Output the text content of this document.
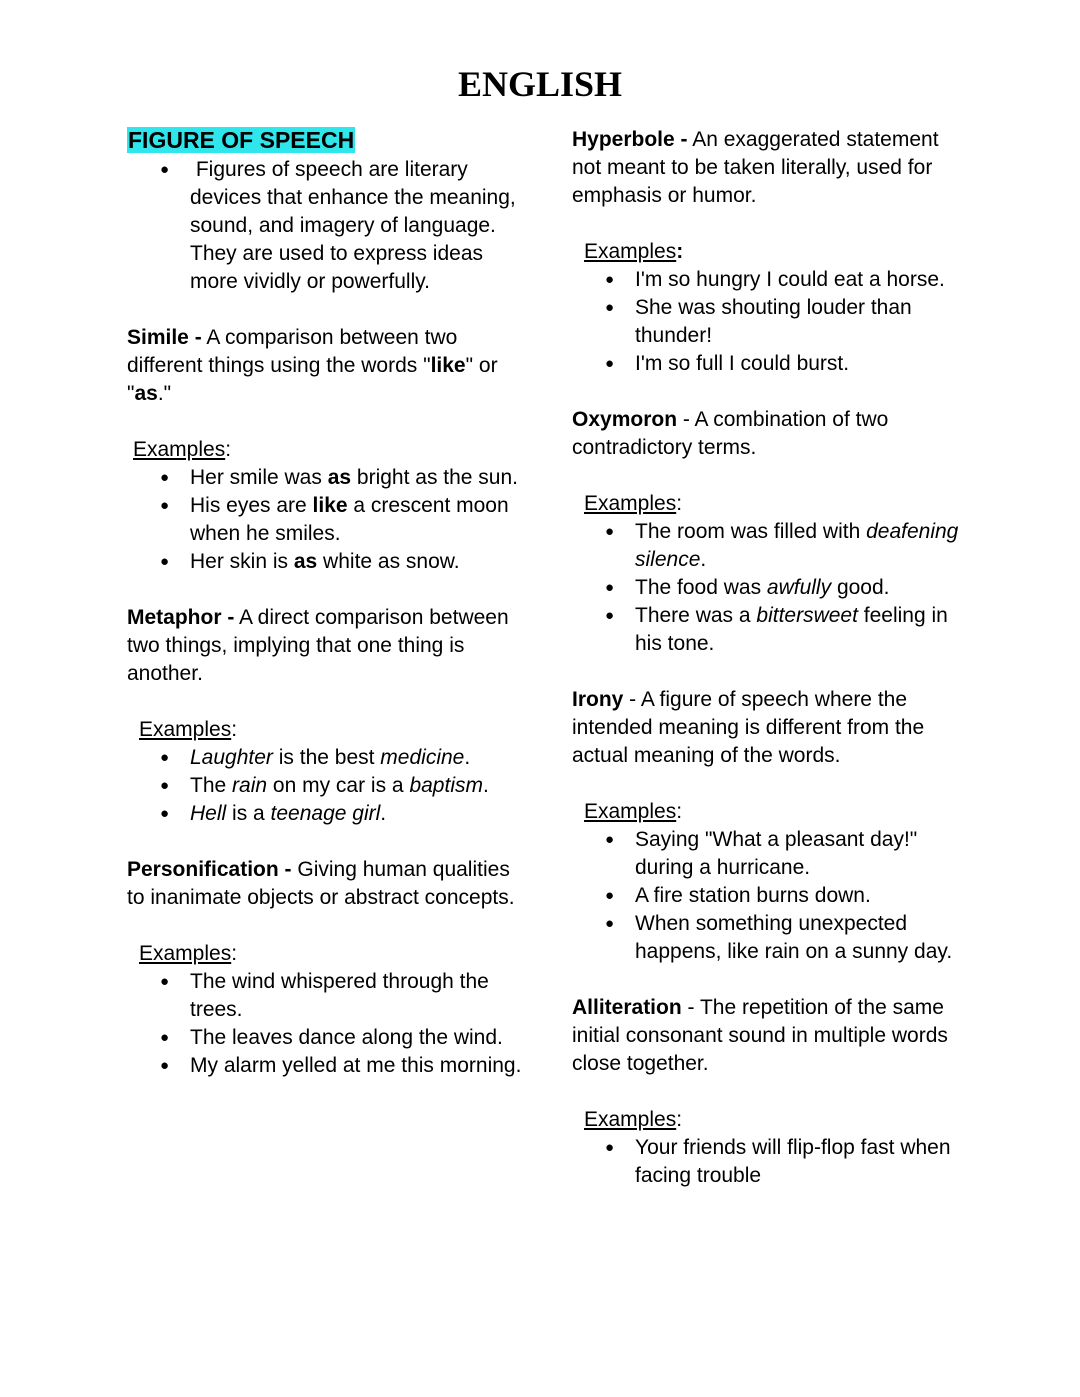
ENGLISH

FIGURE OF SPEECH

● Figures of speech are literary devices that enhance the meaning, sound, and imagery of language. They are used to express ideas more vividly or powerfully.

Simile - A comparison between two different things using the words "like" or "as."

Examples:

● Her smile was as bright as the sun.
● His eyes are like a crescent moon when he smiles.
● Her skin is as white as snow.

Metaphor - A direct comparison between two things, implying that one thing is another.

Examples:

● Laughter is the best medicine.
● The rain on my car is a baptism.
● Hell is a teenage girl.

Personification - Giving human qualities to inanimate objects or abstract concepts.

Examples:

● The wind whispered through the trees.
● The leaves dance along the wind.
● My alarm yelled at me this morning.

Hyperbole - An exaggerated statement not meant to be taken literally, used for emphasis or humor.

Examples:

● I'm so hungry I could eat a horse.
● She was shouting louder than thunder!
● I'm so full I could burst.

Oxymoron - A combination of two contradictory terms.

Examples:

● The room was filled with deafening silence.
● The food was awfully good.
● There was a bittersweet feeling in his tone.

Irony - A figure of speech where the intended meaning is different from the actual meaning of the words.

Examples:

● Saying "What a pleasant day!" during a hurricane.
● A fire station burns down.
● When something unexpected happens, like rain on a sunny day.

Alliteration - The repetition of the same initial consonant sound in multiple words close together.

Examples:

● Your friends will flip-flop fast when facing trouble
